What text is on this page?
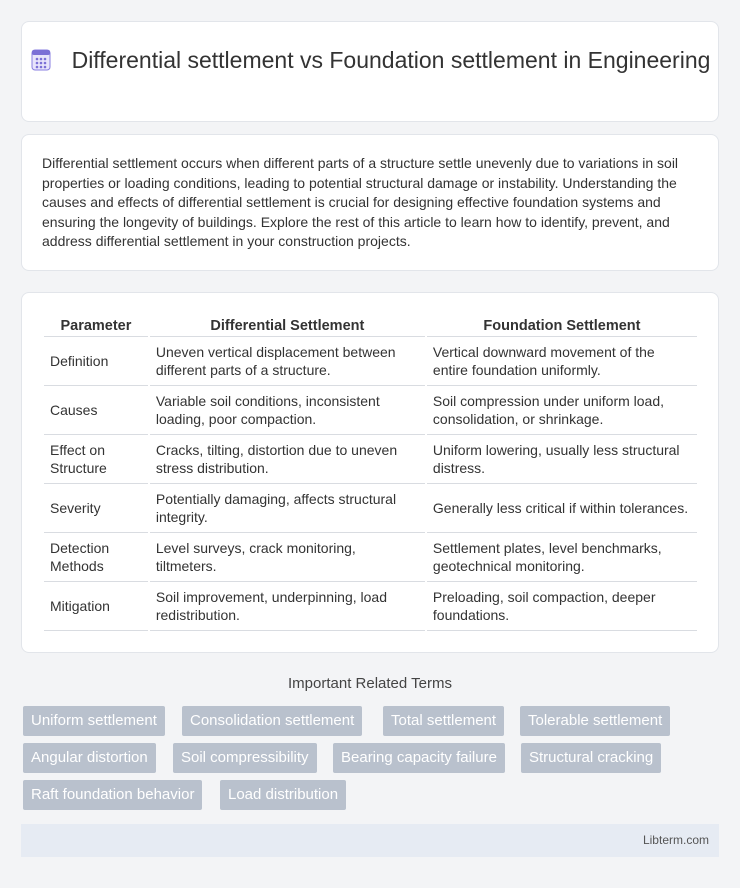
Differential settlement vs Foundation settlement in Engineering

Differential settlement occurs when different parts of a structure settle unevenly due to variations in soil properties or loading conditions, leading to potential structural damage or instability. Understanding the causes and effects of differential settlement is crucial for designing effective foundation systems and ensuring the longevity of buildings. Explore the rest of this article to learn how to identify, prevent, and address differential settlement in your construction projects.

Parameter	Differential Settlement	Foundation Settlement
Definition	Uneven vertical displacement between different parts of a structure.	Vertical downward movement of the entire foundation uniformly.
Causes	Variable soil conditions, inconsistent loading, poor compaction.	Soil compression under uniform load, consolidation, or shrinkage.
Effect on Structure	Cracks, tilting, distortion due to uneven stress distribution.	Uniform lowering, usually less structural distress.
Severity	Potentially damaging, affects structural integrity.	Generally less critical if within tolerances.
Detection Methods	Level surveys, crack monitoring, tiltmeters.	Settlement plates, level benchmarks, geotechnical monitoring.
Mitigation	Soil improvement, underpinning, load redistribution.	Preloading, soil compaction, deeper foundations.
Important Related Terms
Uniform settlement	Consolidation settlement	Total settlement	Tolerable settlement
Angular distortion	Soil compressibility	Bearing capacity failure	Structural cracking
Raft foundation behavior	Load distribution
Libterm.com
